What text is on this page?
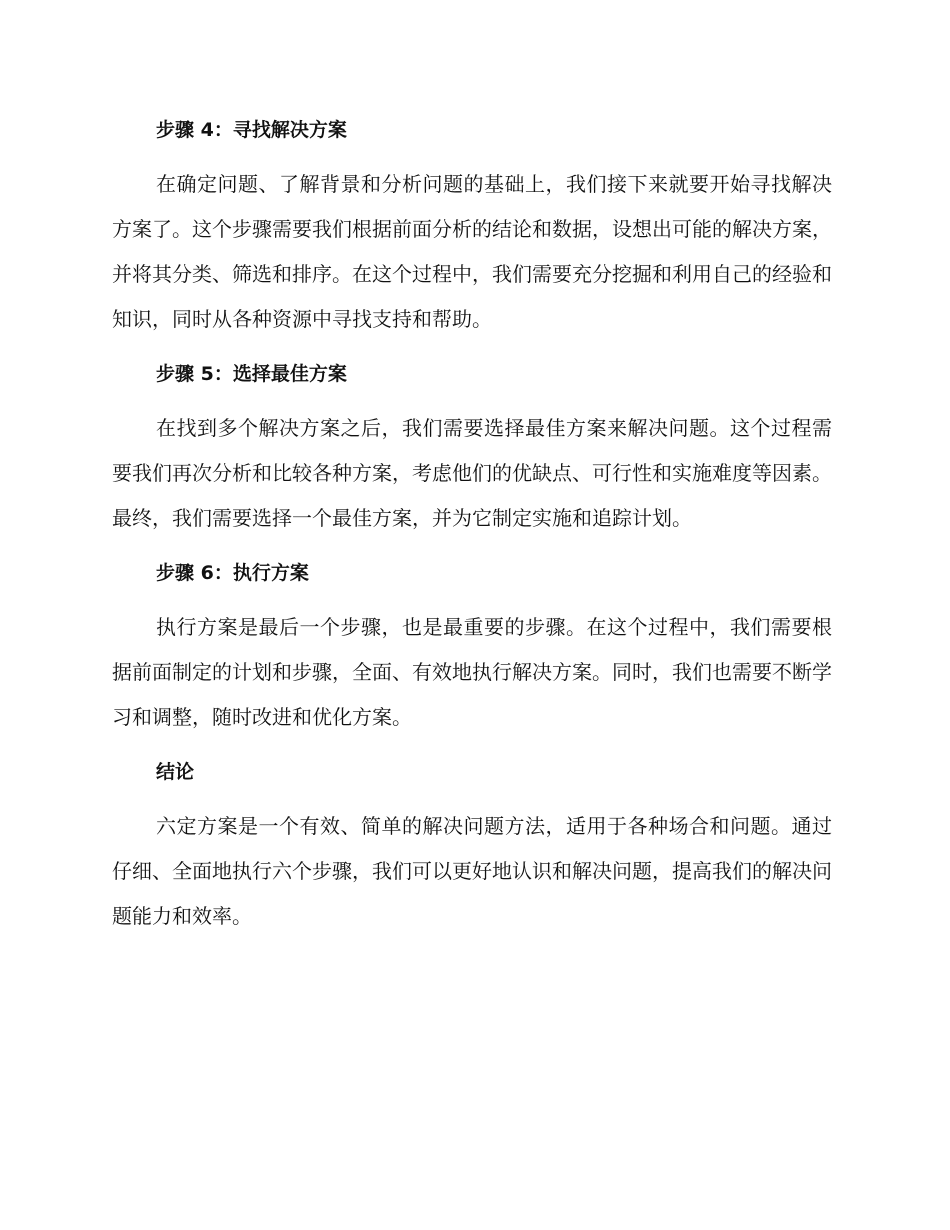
步骤 4：寻找解决方案

在确定问题、了解背景和分析问题的基础上，我们接下来就要开始寻找解决方案了。这个步骤需要我们根据前面分析的结论和数据，设想出可能的解决方案，并将其分类、筛选和排序。在这个过程中，我们需要充分挖掘和利用自己的经验和知识，同时从各种资源中寻找支持和帮助。

步骤 5：选择最佳方案

在找到多个解决方案之后，我们需要选择最佳方案来解决问题。这个过程需要我们再次分析和比较各种方案，考虑他们的优缺点、可行性和实施难度等因素。最终，我们需要选择一个最佳方案，并为它制定实施和追踪计划。

步骤 6：执行方案

执行方案是最后一个步骤，也是最重要的步骤。在这个过程中，我们需要根据前面制定的计划和步骤，全面、有效地执行解决方案。同时，我们也需要不断学习和调整，随时改进和优化方案。

结论

六定方案是一个有效、简单的解决问题方法，适用于各种场合和问题。通过仔细、全面地执行六个步骤，我们可以更好地认识和解决问题，提高我们的解决问题能力和效率。
